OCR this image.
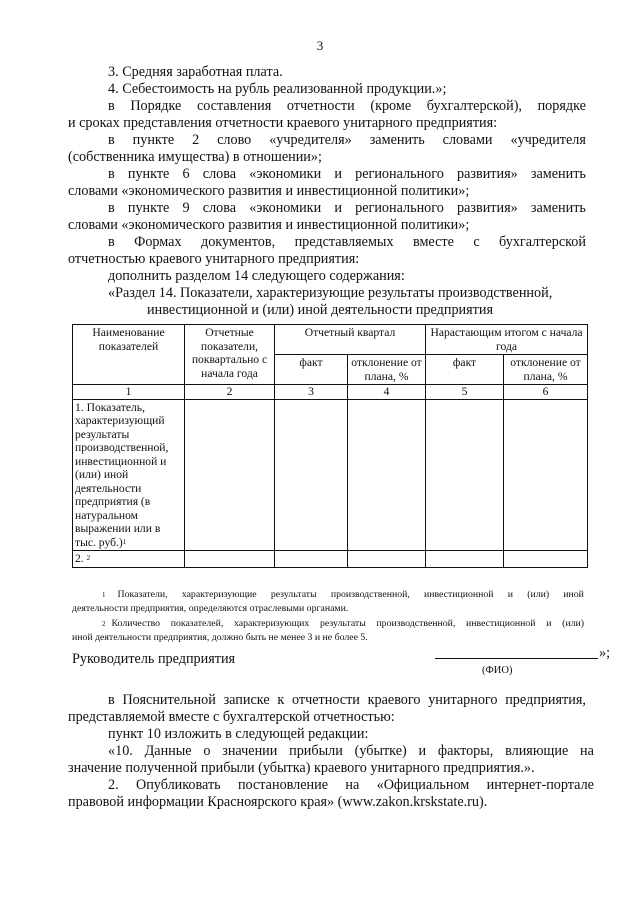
3
3. Средняя заработная плата.
4. Себестоимость на рубль реализованной продукции.»;
в Порядке составления отчетности (кроме бухгалтерской), порядке
и сроках представления отчетности краевого унитарного предприятия:
в пункте 2 слово «учредителя» заменить словами «учредителя
(собственника имущества) в отношении»;
в пункте 6 слова «экономики и регионального развития» заменить
словами «экономического развития и инвестиционной политики»;
в пункте 9 слова «экономики и регионального развития» заменить
словами «экономического развития и инвестиционной политики»;
в Формах документов, представляемых вместе с бухгалтерской
отчетностью краевого унитарного предприятия:
дополнить разделом 14 следующего содержания:
«Раздел 14. Показатели, характеризующие результаты производственной,
инвестиционной и (или) иной деятельности предприятия
Наименование показателей	Отчетные показатели, поквартально с начала года	Отчетный квартал		Нарастающим итогом с начала года	
		факт	отклонение от плана, %	факт	отклонение от плана, %
1	2	3	4	5	6
1. Показатель, характеризующий результаты производственной, инвестиционной и (или) иной деятельности предприятия (в натуральном выражении или в тыс. руб.)$^1$					
2. $^2$					
$^1$ Показатели, характеризующие результаты производственной, инвестиционной и (или) иной
деятельности предприятия, определяются отраслевыми органами.
$^2$ Количество показателей, характеризующих результаты производственной, инвестиционной и (или)
иной деятельности предприятия, должно быть не менее 3 и не более 5.
Руководитель предприятия	»;
(ФИО)
в Пояснительной записке к отчетности краевого унитарного предприятия,
представляемой вместе с бухгалтерской отчетностью:
пункт 10 изложить в следующей редакции:
«10. Данные о значении прибыли (убытке) и факторы, влияющие на
значение полученной прибыли (убытка) краевого унитарного предприятия.».
2. Опубликовать постановление на «Официальном интернет-портале
правовой информации Красноярского края» (www.zakon.krskstate.ru).
